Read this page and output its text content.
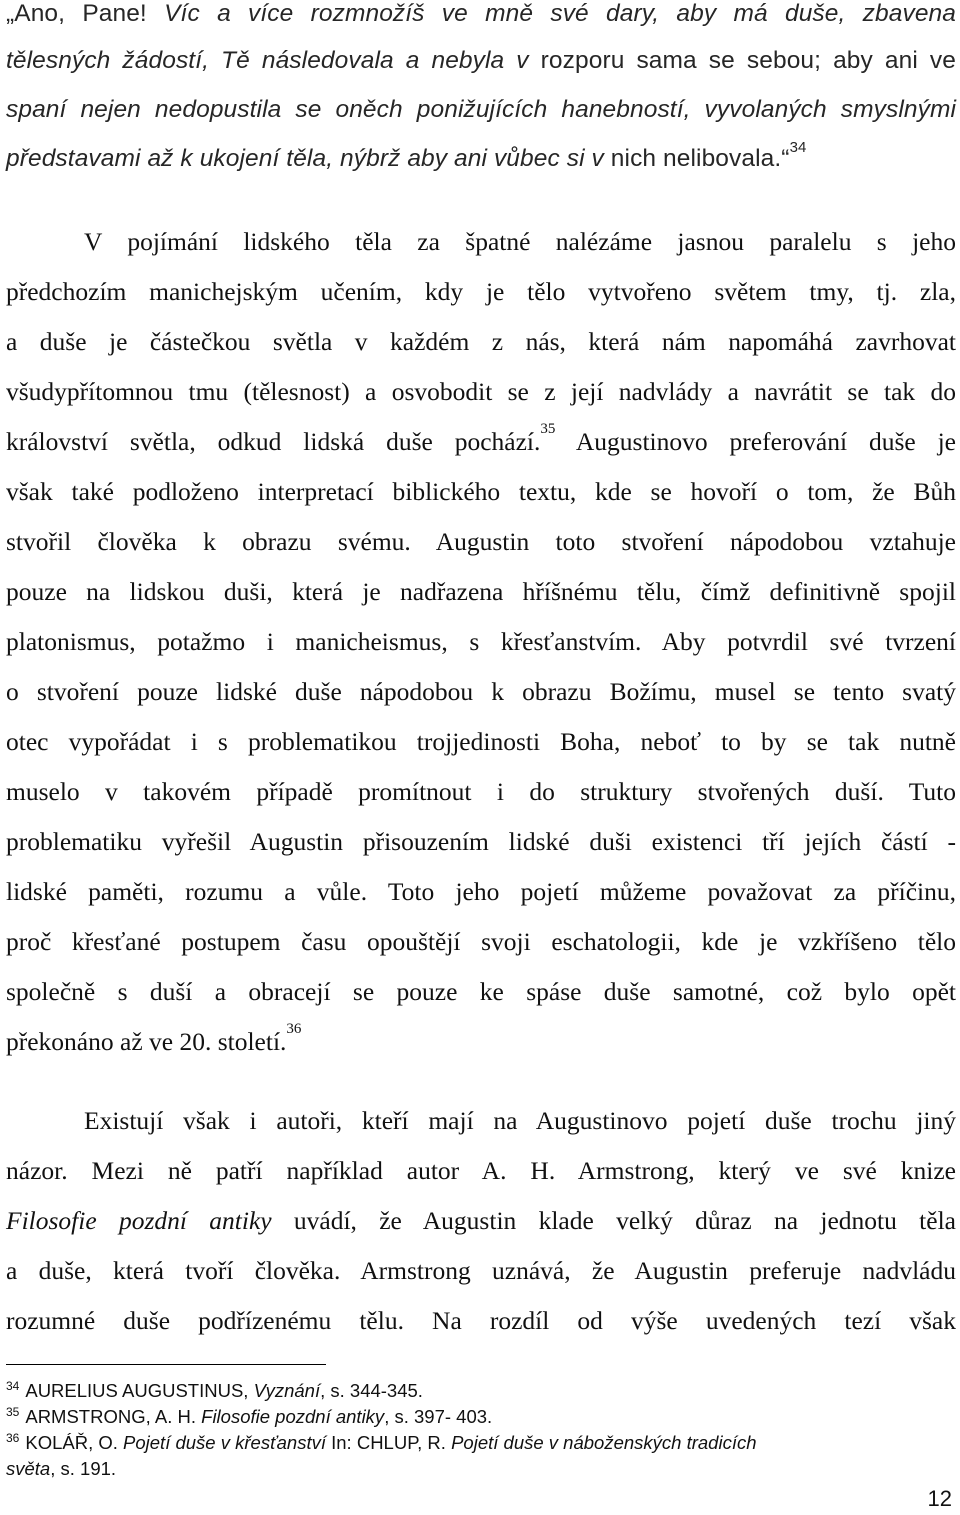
„Ano, Pane! Víc a více rozmnožíš ve mně své dary, aby má duše, zbavena
tělesných žádostí, Tě následovala a nebyla v rozporu sama se sebou; aby ani ve
spaní nejen nedopustila se oněch ponižujících hanebností, vyvolaných smyslnými
představami až k ukojení těla, nýbrž aby ani vůbec si v nich nelibovala.“$^{34}$
V pojímání lidského těla za špatné nalézáme jasnou paralelu s jeho
předchozím manichejským učením, kdy je tělo vytvořeno světem tmy, tj. zla,
a duše je částečkou světla v každém z nás, která nám napomáhá zavrhovat
všudypřítomnou tmu (tělesnost) a osvobodit se z její nadvlády a navrátit se tak do
království světla, odkud lidská duše pochází.$^{35}$ Augustinovo preferování duše je
však také podloženo interpretací biblického textu, kde se hovoří o tom, že Bůh
stvořil člověka k obrazu svému. Augustin toto stvoření nápodobou vztahuje
pouze na lidskou duši, která je nadřazena hříšnému tělu, čímž definitivně spojil
platonismus, potažmo i manicheismus, s křesťanstvím. Aby potvrdil své tvrzení
o stvoření pouze lidské duše nápodobou k obrazu Božímu, musel se tento svatý
otec vypořádat i s problematikou trojjedinosti Boha, neboť to by se tak nutně
muselo v takovém případě promítnout i do struktury stvořených duší. Tuto
problematiku vyřešil Augustin přisouzením lidské duši existenci tří jejích částí -
lidské paměti, rozumu a vůle. Toto jeho pojetí můžeme považovat za příčinu,
proč křesťané postupem času opouštějí svoji eschatologii, kde je vzkříšeno tělo
společně s duší a obracejí se pouze ke spáse duše samotné, což bylo opět
překonáno až ve 20. století.$^{36}$
Existují však i autoři, kteří mají na Augustinovo pojetí duše trochu jiný
názor. Mezi ně patří například autor A. H. Armstrong, který ve své knize
Filosofie pozdní antiky uvádí, že Augustin klade velký důraz na jednotu těla
a duše, která tvoří člověka. Armstrong uznává, že Augustin preferuje nadvládu
rozumné duše podřízenému tělu. Na rozdíl od výše uvedených tezí však
$^{34}$ AURELIUS AUGUSTINUS, Vyznání, s. 344-345.
$^{35}$ ARMSTRONG, A. H. Filosofie pozdní antiky, s. 397- 403.
$^{36}$ KOLÁŘ, O. Pojetí duše v křesťanství In: CHLUP, R. Pojetí duše v náboženských tradicích
světa, s. 191.
12
